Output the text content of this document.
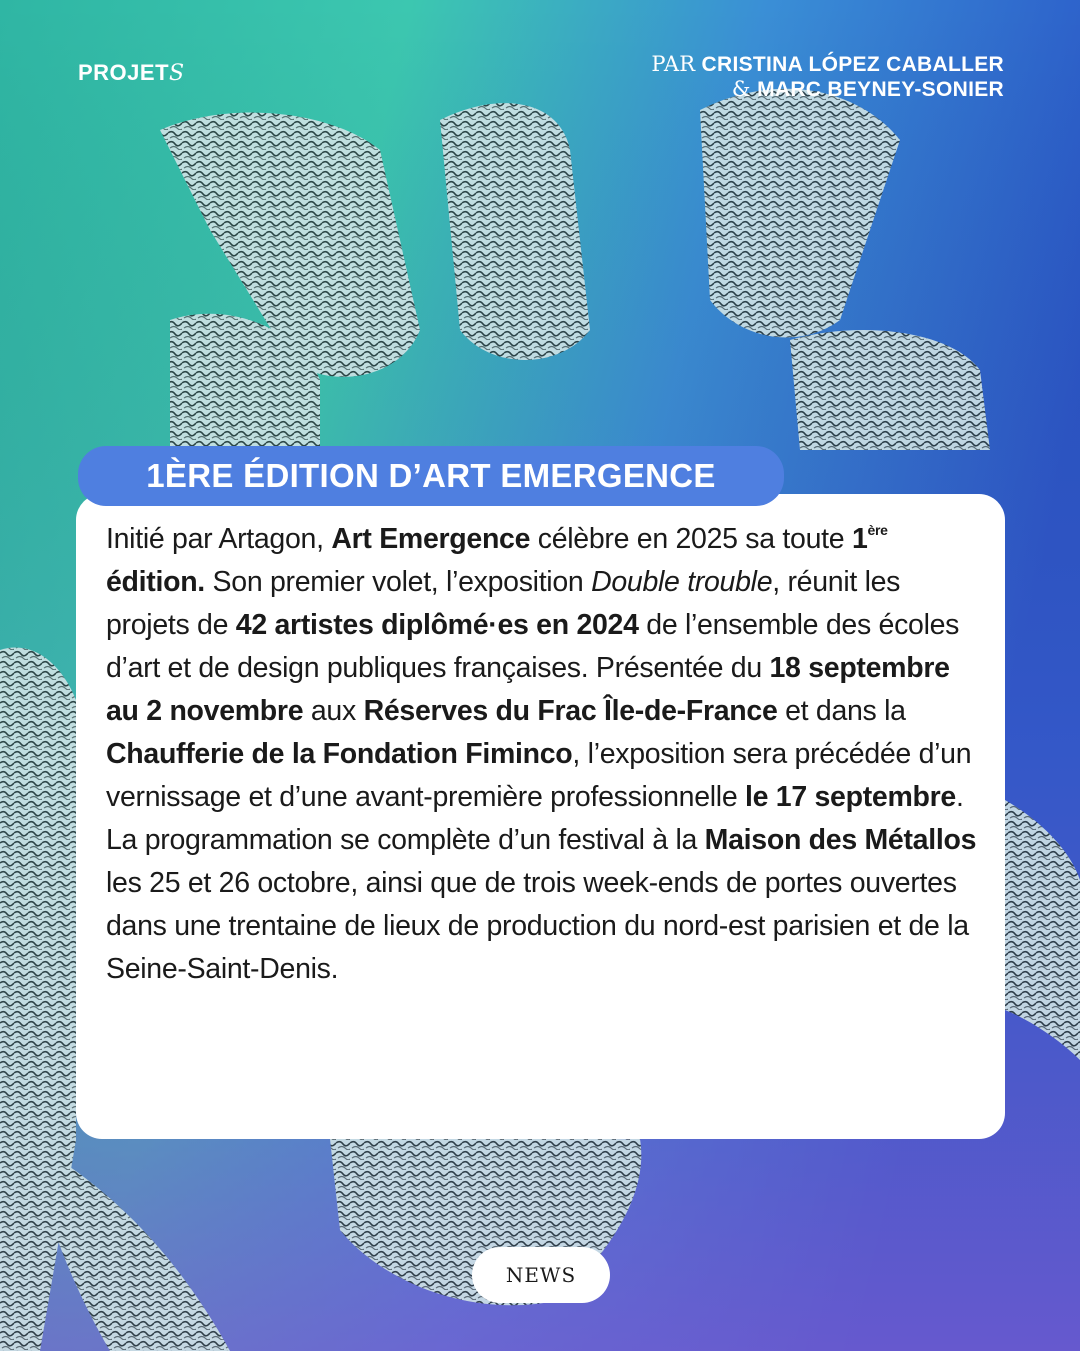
PROJETS	PAR CRISTINA LÓPEZ CABALLER
& MARC BEYNEY-SONIER
1ÈRE ÉDITION D’ART EMERGENCE

Initié par Artagon, Art Emergence célèbre en 2025 sa toute 1ère édition. Son premier volet, l’exposition Double trouble, réunit les projets de 42 artistes diplômé·es en 2024 de l’ensemble des écoles d’art et de design publiques françaises. Présentée du 18 septembre au 2 novembre aux Réserves du Frac Île-de-France et dans la Chaufferie de la Fondation Fiminco, l’exposition sera précédée d’un vernissage et d’une avant-première professionnelle le 17 septembre. La programmation se complète d’un festival à la Maison des Métallos les 25 et 26 octobre, ainsi que de trois week-ends de portes ouvertes dans une trentaine de lieux de production du nord-est parisien et de la Seine-Saint-Denis.

NEWS
